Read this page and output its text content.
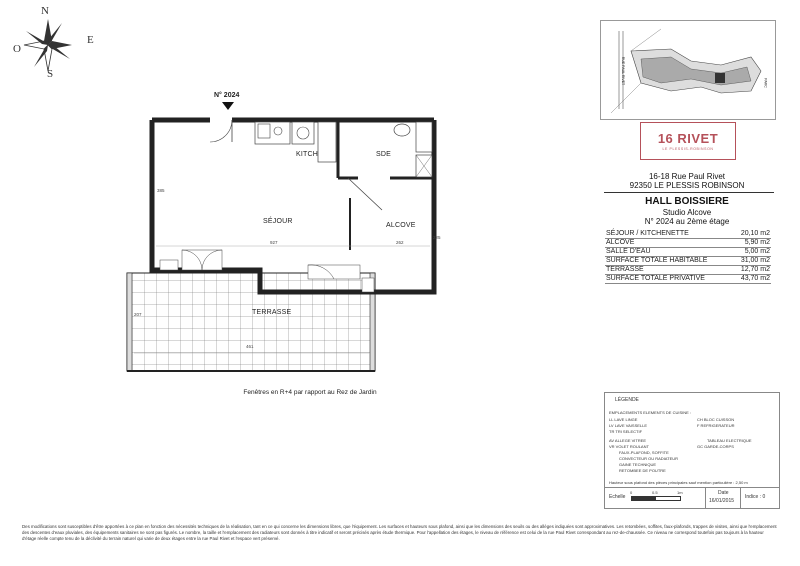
N
S
E
O
KITCH	SDE
SÉJOUR
ALCOVE
TERRASSE
385
927	262
225
461
207
N° 2024
Fenêtres en R+4 par rapport au Rez de Jardin
RUE PAUL RIVET	PARC
16 RIVET
LE PLESSIS-ROBINSON
16-18 Rue Paul Rivet
92350 LE PLESSIS ROBINSON
HALL BOISSIERE
Studio Alcove
N° 2024 au 2ème étage
SÉJOUR / KITCHENETTE	20,10 m2
ALCOVE	5,90 m2
SALLE D'EAU	5,00 m2
SURFACE TOTALE HABITABLE	31,00 m2
TERRASSE	12,70 m2
SURFACE TOTALE PRIVATIVE	43,70 m2
LÉGENDE
EMPLACEMENTS ELEMENTS DE CUISINE :
LL LAVE LINGE
LV LAVE VAISSELLE
TR TRI SELECTIF
AV ALLEGE VITREE
VR VOLET ROULANT
FAUX-PLAFOND, SOFFITE
CONVECTEUR OU RADIATEUR
GAINE TECHNIQUE
RETOMBEE DE POUTRE
CH BLOC CUISSON
F REFRIGERATEUR
TABLEAU ELECTRIQUE
GC GARDE-CORPS
Hauteur sous plafond des pièces principales sauf mention particulière : 2,50 m
Echelle
0	0.5	1m	Date
16/01/2015
Indice : 0
Des modifications sont susceptibles d'être apportées à ce plan en fonction des nécessités techniques de la réalisation, tant en ce qui concerne les dimensions libres, que l'équipement. Les surfaces et hauteurs sous plafond, ainsi que les dimensions des seuils ou des allèges indiquées sont approximatives. Les retombées, soffites, faux-plafonds, trappes de visites, ainsi que l'emplacement des descentes d'eaux pluviales, des équipements sanitaires ne sont pas figurés. Le nombre, la taille et l'emplacement des radiateurs sont donnés à titre indicatif et seront précisés après étude thermique. Pour l'appellation des étages, le niveau de référence est celui de la rue Paul Rivet correspondant au rez-de-chaussée. Ce niveau ne correspond toutefois pas toujours à la hauteur d'étage réelle compte tenu de la déclivité du terrain naturel qui varie de deux étages entre la rue Paul Rivet et l'espace vert préservé.
